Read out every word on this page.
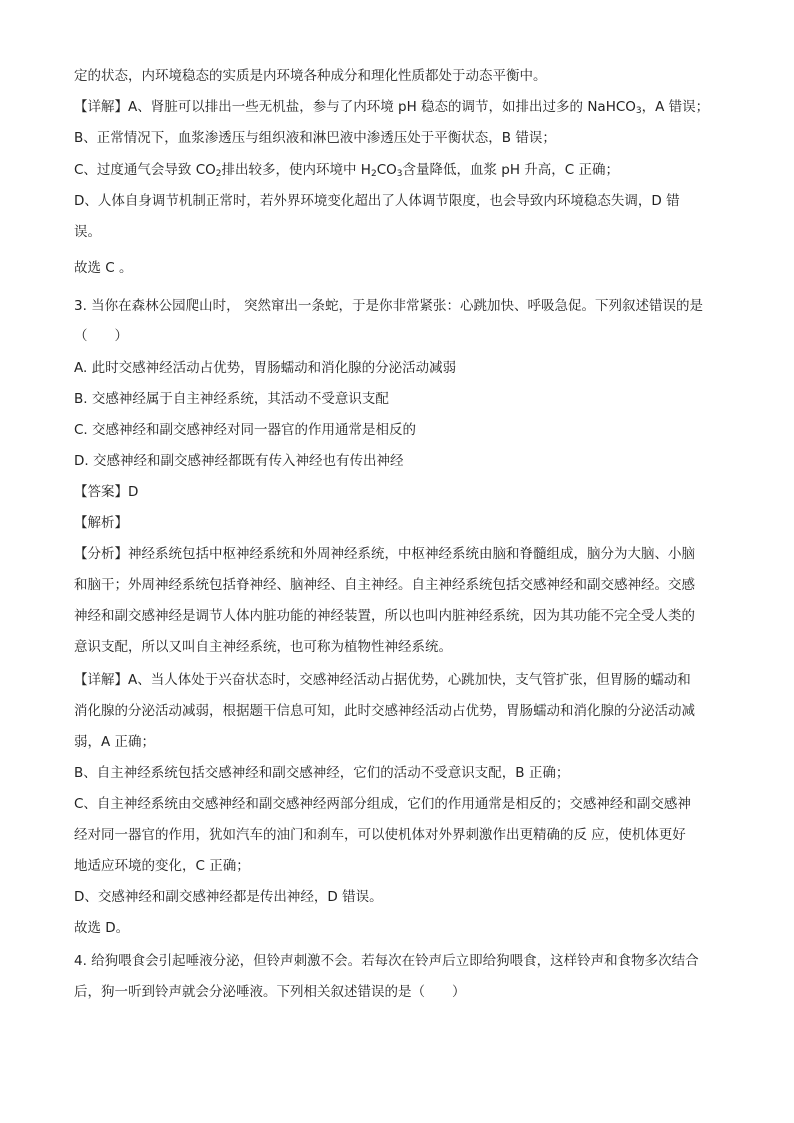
定的状态，内环境稳态的实质是内环境各种成分和理化性质都处于动态平衡中。
【详解】A、肾脏可以排出一些无机盐，参与了内环境 pH 稳态的调节，如排出过多的 NaHCO$_3$，A 错误；
B、正常情况下，血浆渗透压与组织液和淋巴液中渗透压处于平衡状态，B 错误；
C、过度通气会导致 $CO_2$排出较多，使内环境中 $H_2CO_3$含量降低，血浆 pH 升高，C 正确；
D、人体自身调节机制正常时，若外界环境变化超出了人体调节限度，也会导致内环境稳态失调，D 错
误。
故选 C 。
3. 当你在森林公园爬山时， 突然窜出一条蛇，于是你非常紧张：心跳加快、呼吸急促。下列叙述错误的是
（　　）
A. 此时交感神经活动占优势，胃肠蠕动和消化腺的分泌活动减弱
B. 交感神经属于自主神经系统，其活动不受意识支配
C. 交感神经和副交感神经对同一器官的作用通常是相反的
D. 交感神经和副交感神经都既有传入神经也有传出神经
【答案】D
【解析】
【分析】神经系统包括中枢神经系统和外周神经系统，中枢神经系统由脑和脊髓组成，脑分为大脑、小脑
和脑干；外周神经系统包括脊神经、脑神经、自主神经。自主神经系统包括交感神经和副交感神经。交感
神经和副交感神经是调节人体内脏功能的神经装置，所以也叫内脏神经系统，因为其功能不完全受人类的
意识支配，所以又叫自主神经系统，也可称为植物性神经系统。
【详解】A、当人体处于兴奋状态时，交感神经活动占据优势，心跳加快，支气管扩张，但胃肠的蠕动和
消化腺的分泌活动减弱，根据题干信息可知，此时交感神经活动占优势，胃肠蠕动和消化腺的分泌活动减
弱，A 正确；
B、自主神经系统包括交感神经和副交感神经，它们的活动不受意识支配，B 正确；
C、自主神经系统由交感神经和副交感神经两部分组成，它们的作用通常是相反的；交感神经和副交感神
经对同一器官的作用，犹如汽车的油门和刹车，可以使机体对外界刺激作出更精确的反 应，使机体更好
地适应环境的变化，C 正确；
D、交感神经和副交感神经都是传出神经，D 错误。
故选 D。
4. 给狗喂食会引起唾液分泌，但铃声刺激不会。若每次在铃声后立即给狗喂食，这样铃声和食物多次结合
后，狗一听到铃声就会分泌唾液。下列相关叙述错误的是（　　）
